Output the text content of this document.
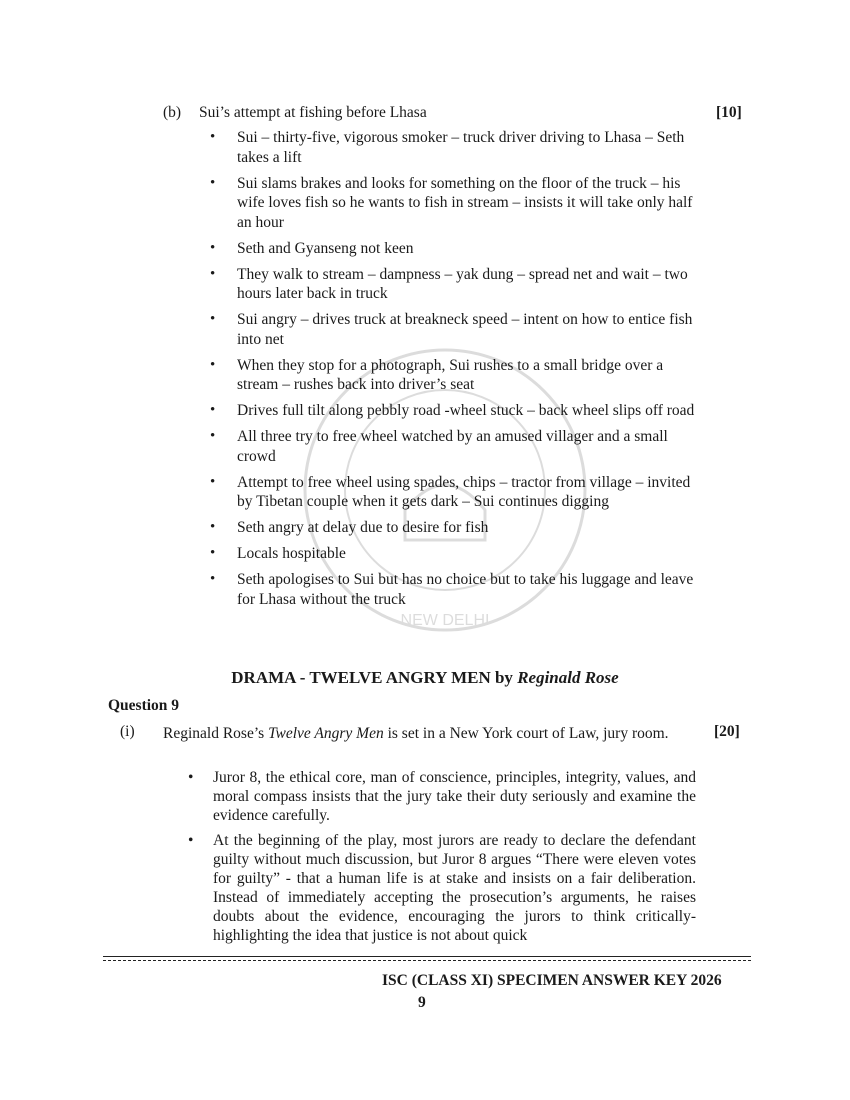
NEW DELHI
(b) Sui’s attempt at fishing before Lhasa	[10]
• Sui – thirty-five, vigorous smoker – truck driver driving to Lhasa – Seth takes a lift
• Sui slams brakes and looks for something on the floor of the truck – his wife loves fish so he wants to fish in stream – insists it will take only half an hour
• Seth and Gyanseng not keen
• They walk to stream – dampness – yak dung – spread net and wait – two hours later back in truck
• Sui angry – drives truck at breakneck speed – intent on how to entice fish into net
• When they stop for a photograph, Sui rushes to a small bridge over a stream – rushes back into driver’s seat
• Drives full tilt along pebbly road -wheel stuck – back wheel slips off road
• All three try to free wheel watched by an amused villager and a small crowd
• Attempt to free wheel using spades, chips – tractor from village – invited by Tibetan couple when it gets dark – Sui continues digging
• Seth angry at delay due to desire for fish
• Locals hospitable
• Seth apologises to Sui but has no choice but to take his luggage and leave for Lhasa without the truck
DRAMA - TWELVE ANGRY MEN by Reginald Rose
Question 9
(i)	[20]
Reginald Rose’s Twelve Angry Men is set in a New York court of Law, jury room.
• Juror 8, the ethical core, man of conscience, principles, integrity, values, and moral compass insists that the jury take their duty seriously and examine the evidence carefully.
• At the beginning of the play, most jurors are ready to declare the defendant guilty without much discussion, but Juror 8 argues “There were eleven votes for guilty” - that a human life is at stake and insists on a fair deliberation. Instead of immediately accepting the prosecution’s arguments, he raises doubts about the evidence, encouraging the jurors to think critically- highlighting the idea that justice is not about quick
ISC (CLASS XI) SPECIMEN ANSWER KEY 2026
9
